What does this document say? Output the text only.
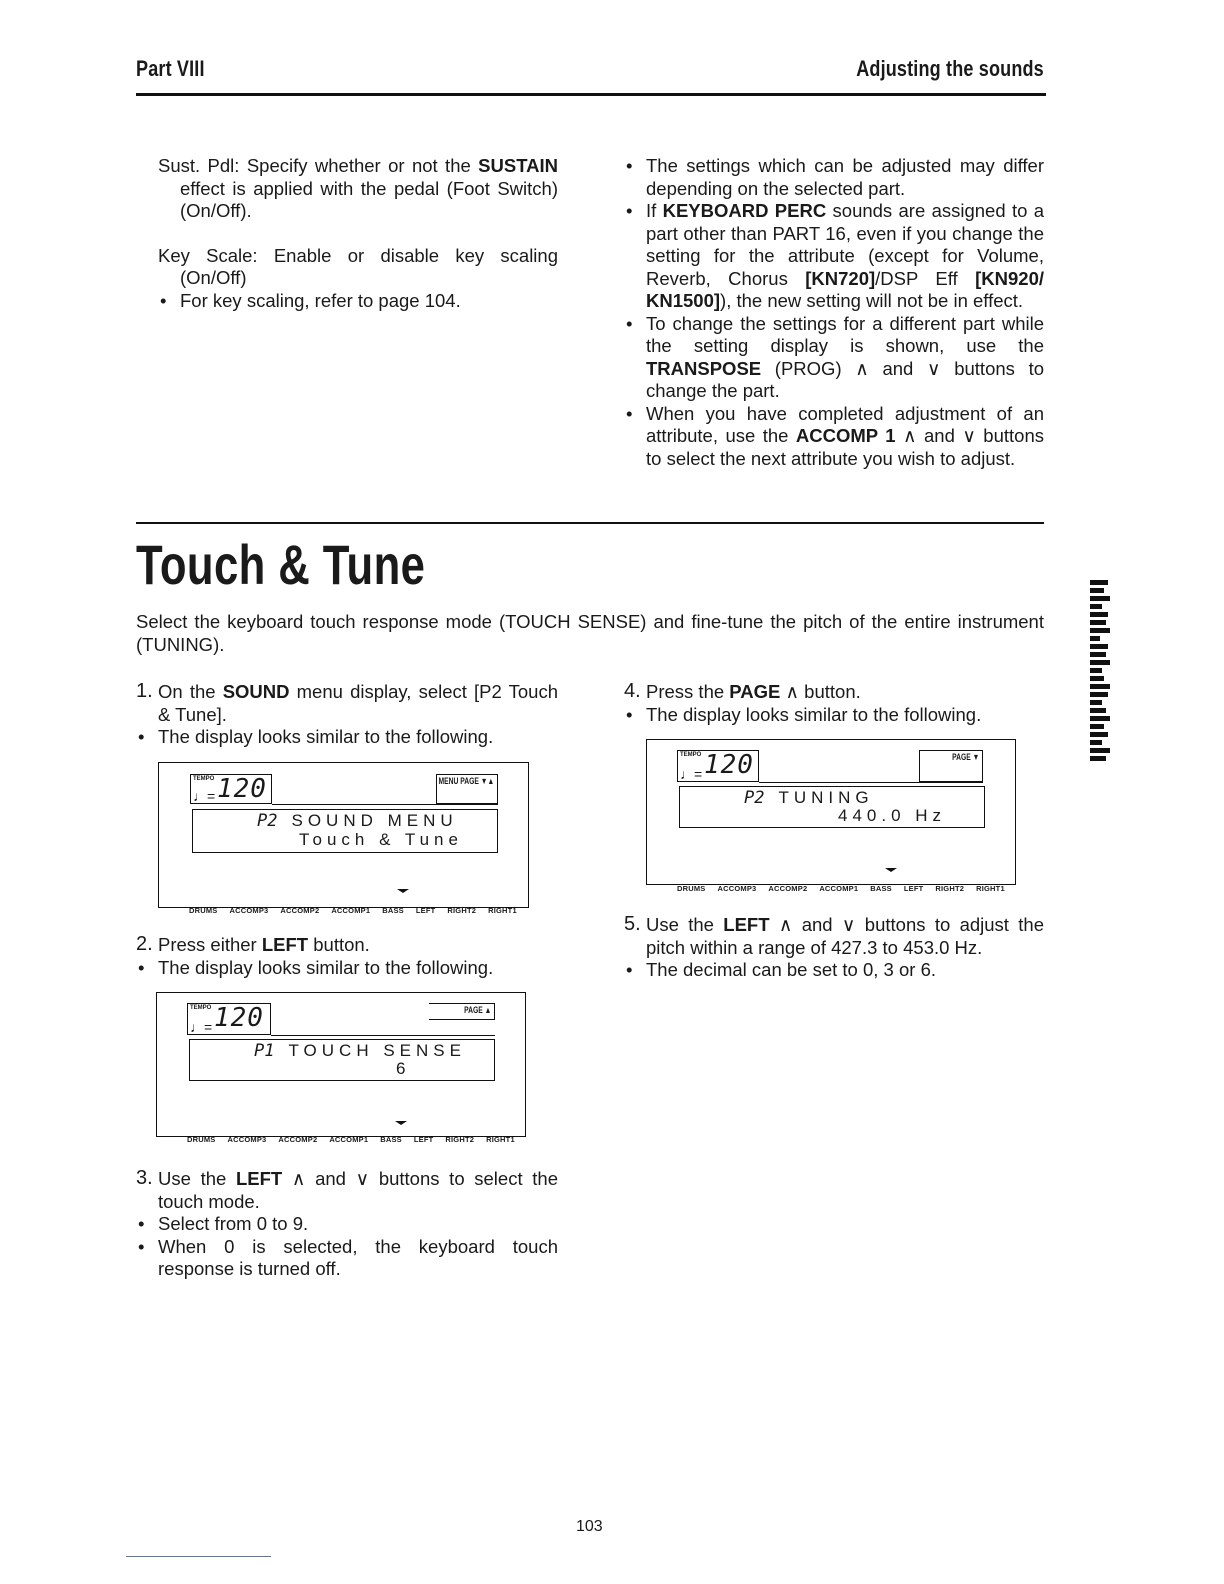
Part VIII	Adjusting the sounds
Sust. Pdl: Specify whether or not the SUSTAIN effect is applied with the pedal (Foot Switch) (On/Off).
Key Scale: Enable or disable key scaling (On/Off)
• For key scaling, refer to page 104.
• The settings which can be adjusted may differ depending on the selected part.
• If KEYBOARD PERC sounds are assigned to a part other than PART 16, even if you change the setting for the attribute (except for Volume, Reverb, Chorus [KN720]/DSP Eff [KN920/ KN1500]), the new setting will not be in effect.
• To change the settings for a different part while the setting display is shown, use the TRANSPOSE (PROG) ∧ and ∨ buttons to change the part.
• When you have completed adjustment of an attribute, use the ACCOMP 1 ∧ and ∨ buttons to select the next attribute you wish to adjust.
Touch & Tune
Select the keyboard touch response mode (TOUCH SENSE) and fine-tune the pitch of the entire instrument (TUNING).
1. On the SOUND menu display, select [P2 Touch & Tune].
• The display looks similar to the following.
TEMPO
♩= 120	MENU PAGE ▼▲
P2 SOUND MENU
Touch & Tune
DRUMS ACCOMP3 ACCOMP2 ACCOMP1 BASS LEFT RIGHT2 RIGHT1
2. Press either LEFT button.
• The display looks similar to the following.
TEMPO
♩= 120	PAGE ▲
P1 TOUCH SENSE
6
DRUMS ACCOMP3 ACCOMP2 ACCOMP1 BASS LEFT RIGHT2 RIGHT1
3. Use the LEFT ∧ and ∨ buttons to select the touch mode.
• Select from 0 to 9.
• When 0 is selected, the keyboard touch response is turned off.
4. Press the PAGE ∧ button.
• The display looks similar to the following.
TEMPO
♩= 120	PAGE ▼
P2 TUNING
440.0 Hz
DRUMS ACCOMP3 ACCOMP2 ACCOMP1 BASS LEFT RIGHT2 RIGHT1
5. Use the LEFT ∧ and ∨ buttons to adjust the pitch within a range of 427.3 to 453.0 Hz.
• The decimal can be set to 0, 3 or 6.
103
